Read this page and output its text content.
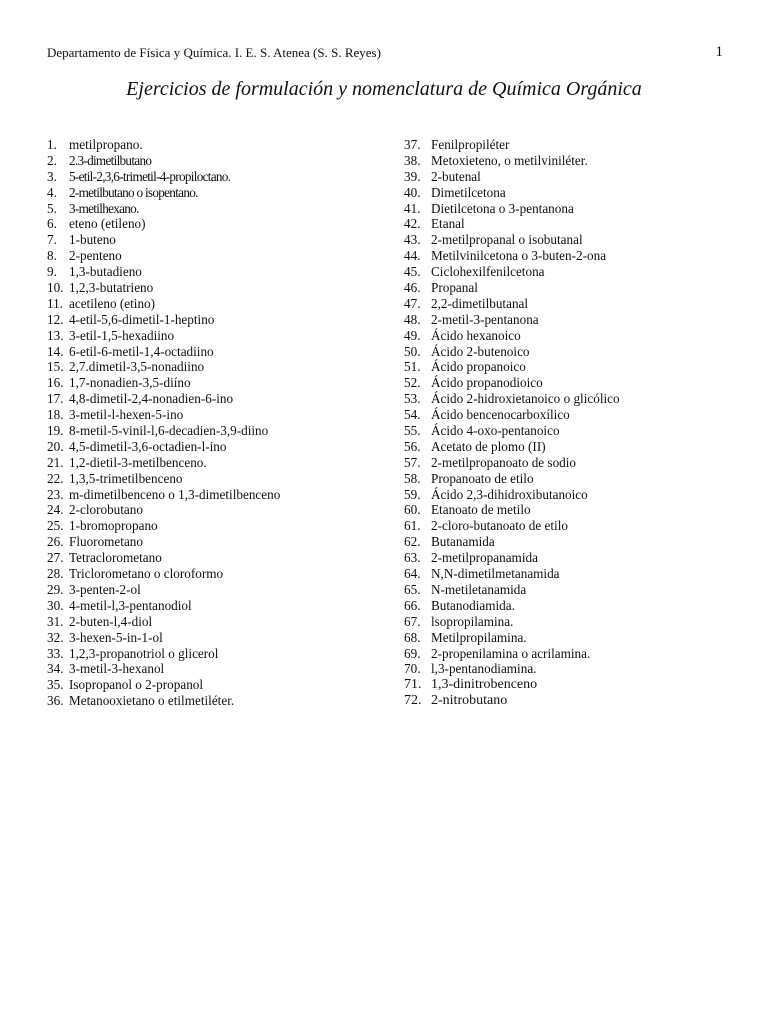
Departamento de Física y Química. I. E. S. Atenea (S. S. Reyes)	1
Ejercicios de formulación y nomenclatura de Química Orgánica
1. metilpropano.
2. 2.3-dimetilbutano
3. 5-etil-2,3,6-trimetil-4-propiloctano.
4. 2-metilbutano o isopentano.
5. 3-metilhexano.
6. eteno (etileno)
7. 1-buteno
8. 2-penteno
9. 1,3-butadieno
10. 1,2,3-butatrieno
11. acetileno (etino)
12. 4-etil-5,6-dimetil-1-heptino
13. 3-etil-1,5-hexadiino
14. 6-etil-6-metil-1,4-octadiino
15. 2,7.dimetil-3,5-nonadiino
16. 1,7-nonadien-3,5-diíno
17. 4,8-dimetil-2,4-nonadien-6-ino
18. 3-metil-l-hexen-5-ino
19. 8-metil-5-vinil-l,6-decadien-3,9-diino
20. 4,5-dimetil-3,6-octadien-l-ino
21. 1,2-dietil-3-metilbenceno.
22. 1,3,5-trimetilbenceno
23. m-dimetilbenceno o 1,3-dimetilbenceno
24. 2-clorobutano
25. 1-bromopropano
26. Fluorometano
27. Tetraclorometano
28. Triclorometano o cloroformo
29. 3-penten-2-ol
30. 4-metil-l,3-pentanodiol
31. 2-buten-l,4-diol
32. 3-hexen-5-in-1-ol
33. 1,2,3-propanotriol o glicerol
34. 3-metil-3-hexanol
35. Isopropanol o 2-propanol
36. Metanooxietano o etilmetiléter.
37. Fenilpropiléter
38. Metoxieteno, o metilviniléter.
39. 2-butenal
40. Dimetilcetona
41. Dietilcetona o 3-pentanona
42. Etanal
43. 2-metilpropanal o isobutanal
44. Metilvinilcetona o 3-buten-2-ona
45. Ciclohexilfenilcetona
46. Propanal
47. 2,2-dimetilbutanal
48. 2-metil-3-pentanona
49. Ácido hexanoico
50. Ácido 2-butenoico
51. Ácido propanoico
52. Ácido propanodioico
53. Ácido 2-hidroxietanoico o glicólico
54. Ácido bencenocarboxílico
55. Ácido 4-oxo-pentanoico
56. Acetato de plomo (II)
57. 2-metilpropanoato de sodio
58. Propanoato de etilo
59. Ácido 2,3-dihidroxibutanoico
60. Etanoato de metilo
61. 2-cloro-butanoato de etilo
62. Butanamida
63. 2-metilpropanamida
64. N,N-dimetilmetanamida
65. N-metiletanamida
66. Butanodiamida.
67. lsopropilamina.
68. Metilpropilamina.
69. 2-propenilamina o acrilamina.
70. l,3-pentanodiamina.
71. 1,3-dinitrobenceno
72. 2-nitrobutano
